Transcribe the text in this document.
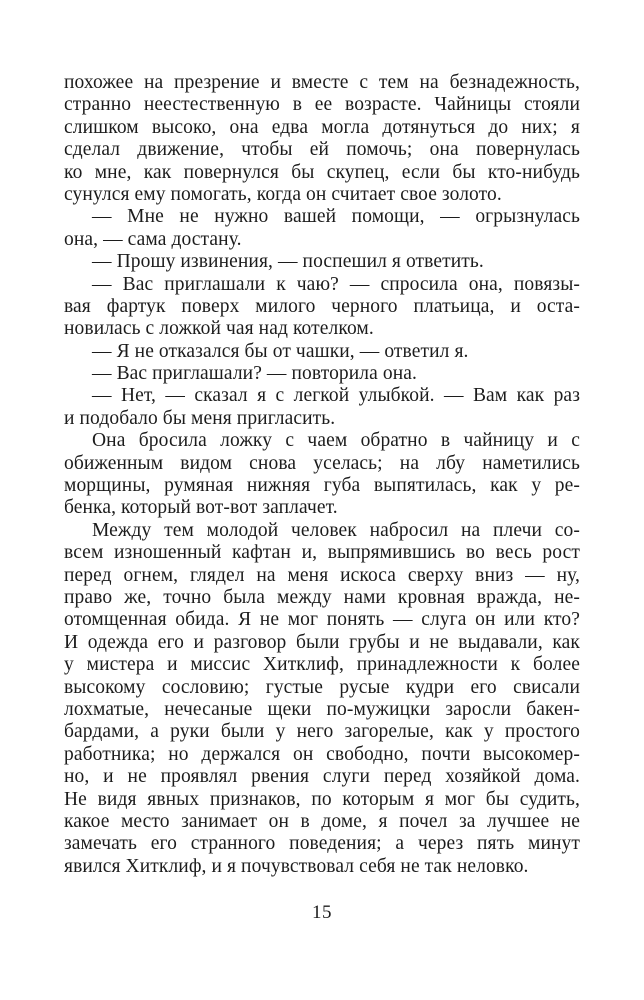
похожее на презрение и вместе с тем на безнадежность,
странно неестественную в ее возрасте. Чайницы стояли
слишком высоко, она едва могла дотянуться до них; я
сделал движение, чтобы ей помочь; она повернулась
ко мне, как повернулся бы скупец, если бы кто-нибудь
сунулся ему помогать, когда он считает свое золото.
— Мне не нужно вашей помощи, — огрызнулась
она, — сама достану.
— Прошу извинения, — поспешил я ответить.
— Вас приглашали к чаю? — спросила она, повязы-
вая фартук поверх милого черного платьица, и оста-
новилась с ложкой чая над котелком.
— Я не отказался бы от чашки, — ответил я.
— Вас приглашали? — повторила она.
— Нет, — сказал я с легкой улыбкой. — Вам как раз
и подобало бы меня пригласить.
Она бросила ложку с чаем обратно в чайницу и с
обиженным видом снова уселась; на лбу наметились
морщины, румяная нижняя губа выпятилась, как у ре-
бенка, который вот-вот заплачет.
Между тем молодой человек набросил на плечи со-
всем изношенный кафтан и, выпрямившись во весь рост
перед огнем, глядел на меня искоса сверху вниз — ну,
право же, точно была между нами кровная вражда, не-
отомщенная обида. Я не мог понять — слуга он или кто?
И одежда его и разговор были грубы и не выдавали, как
у мистера и миссис Хитклиф, принадлежности к более
высокому сословию; густые русые кудри его свисали
лохматые, нечесаные щеки по-мужицки заросли бакен-
бардами, а руки были у него загорелые, как у простого
работника; но держался он свободно, почти высокомер-
но, и не проявлял рвения слуги перед хозяйкой дома.
Не видя явных признаков, по которым я мог бы судить,
какое место занимает он в доме, я почел за лучшее не
замечать его странного поведения; а через пять минут
явился Хитклиф, и я почувствовал себя не так неловко.
15
